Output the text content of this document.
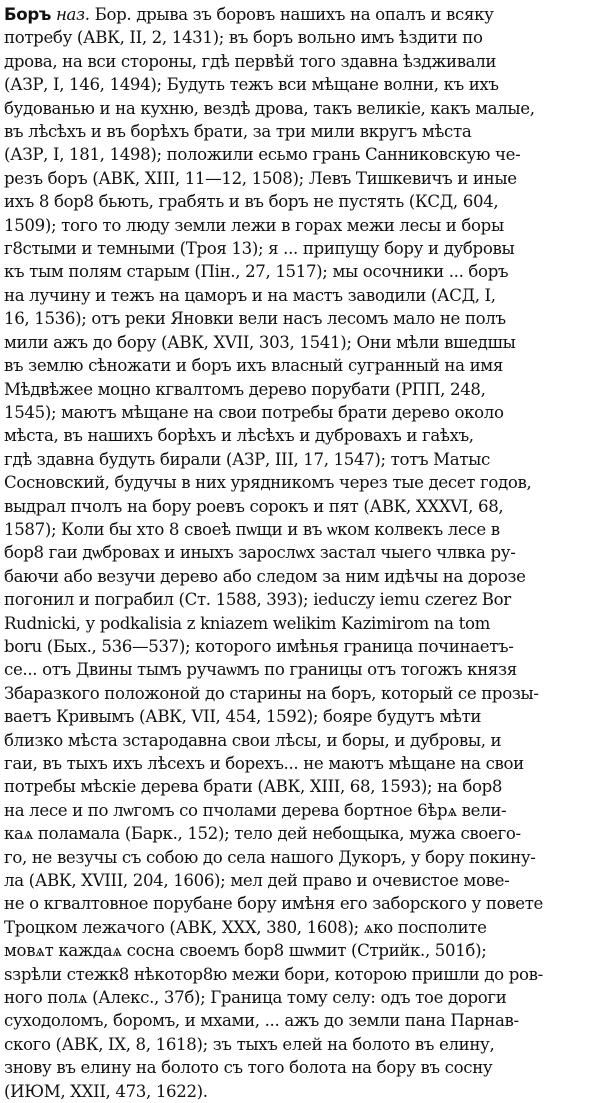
Боръ наз. Бор. дрыва зъ боровъ нашихъ на опалъ и всяку
потребу (АВК, II, 2, 1431); въ боръ вольно имъ ѣздити по
дрова, на вси стороны, гдѣ первѣй того здавна ѣздживали
(АЗР, I, 146, 1494); Будуть тежъ вси мѣщане волни, къ ихъ
будованью и на кухню, вездѣ дрова, такъ великіе, какъ малые,
въ лѣсѣхъ и въ борѣхъ брати, за три мили вкругъ мѣста
(АЗР, I, 181, 1498); положили есьмо грань Санниковскую че-
резъ боръ (АВК, XIII, 11—12, 1508); Левъ Тишкевичъ и иные
ихъ 8 бор8 бьють, грабять и въ боръ не пустять (КСД, 604,
1509); того то люду земли лежи в горах межи лесы и боры
г8стыми и темными (Троя 13); я ... припущу бору и дубровы
къ тым полям старым (Пін., 27, 1517); мы осочники ... боръ
на лучину и тежъ на цаморъ и на мастъ заводили (АСД, I,
16, 1536); отъ реки Яновки вели насъ лесомъ мало не полъ
мили ажъ до бору (АВК, XVII, 303, 1541); Они мѣли вшедшы
въ землю сѣножати и боръ ихъ власный сугранный на имя
Мѣдвѣжее моцно кгвалтомъ дерево порубати (РПП, 248,
1545); маютъ мѣщане на свои потребы брати дерево около
мѣста, въ нашихъ борѣхъ и лѣсѣхъ и дубровахъ и гаѣхъ,
гдѣ здавна будуть бирали (АЗР, III, 17, 1547); тотъ Матыс
Сосновский, будучы в них урядникомъ через тые десет годов,
выдрал пчолъ на бору роевъ сорокъ и пят (АВК, XXXVI, 68,
1587); Коли бы хто 8 своеѣ пѡщи и въ ѡком колвекъ лесе в
бор8 гаи дѡбровах и иныхъ зарослѡх застал чыего члвка ру-
баючи або везучи дерево або следом за ним идѣчы на дорозе
погонил и пограбил (Ст. 1588, 393); ieduczy iemu czerez Bor
Rudnicki, у podkalisia z kniazem welikim Kazimirom na tom
boru (Бых., 536—537); которого имѣнья граница починаетъ-
се... отъ Двины тымъ ручаѡмъ по границы отъ тогожъ князя
Збаразкого положоной до старины на боръ, который се прозы-
ваетъ Кривымъ (АВК, VII, 454, 1592); бояре будутъ мѣти
близко мѣста зстародавна свои лѣсы, и боры, и дубровы, и
гаи, въ тыхъ ихъ лѣсехъ и борехъ... не маютъ мѣщане на свои
потребы мѣскіе дерева брати (АВК, XIII, 68, 1593); на бор8
на лесе и по лѡгомъ со пчолами дерева бортное 6ѣрѧ вели-
каѧ поламала (Барк., 152); тело дей небощыка, мужа своего-
го, не везучы съ собою до села нашого Дукоръ, у бору покину-
ла (АВК, XVIII, 204, 1606); мел дей право и очевистое мове-
не о кгвалтовное порубане бору имѣня его заборского у повете
Троцком лежачого (АВК, XXX, 380, 1608); ѧко посполите
мовѧт каждаѧ сосна своемъ бор8 шѡмит (Стрийк., 501б);
ѕзрѣли стежк8 нѣкотор8ю межи бори, которою пришли до ров-
ного полѧ (Алекс., 37б); Граница тому селу: одъ тое дороги
суходоломъ, боромъ, и мхами, ... ажъ до земли пана Парнав-
ского (АВК, IX, 8, 1618); зъ тыхъ елей на болото въ елину,
знову въ елину на болото съ того болота на бору въ сосну
(ИЮМ, XXII, 473, 1622).
